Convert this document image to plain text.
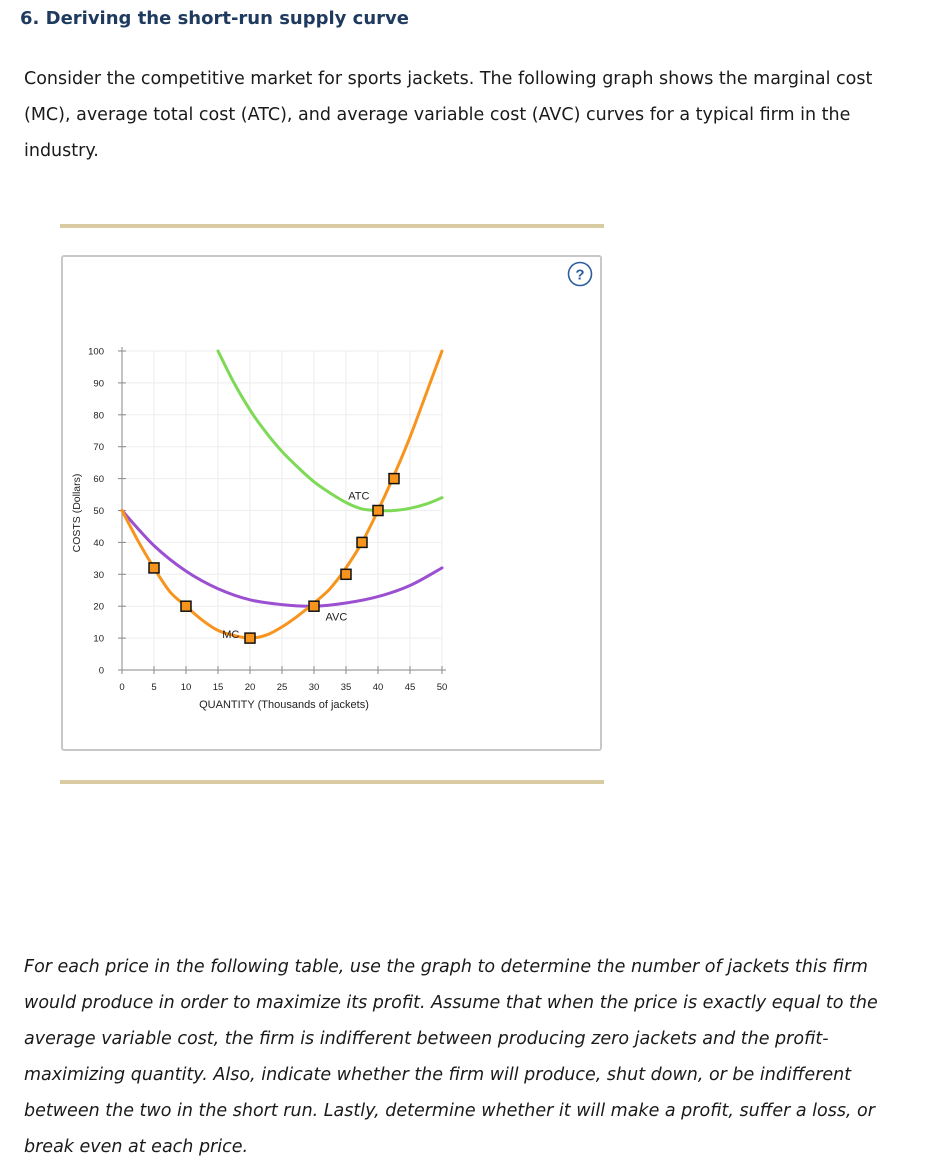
6. Deriving the short-run supply curve

Consider the competitive market for sports jackets. The following graph shows the marginal cost (MC), average total cost (ATC), and average variable cost (AVC) curves for a typical firm in the industry.

?
0	5	10 15 20 25 30 35 40 45 50
0
10
20
30
40
50
60
70
80
90
100
ATC
AVC
MC
QUANTITY (Thousands of jackets)
COSTS (Dollars)

For each price in the following table, use the graph to determine the number of jackets this firm would produce in order to maximize its profit. Assume that when the price is exactly equal to the average variable cost, the firm is indifferent between producing zero jackets and the profit-maximizing quantity. Also, indicate whether the firm will produce, shut down, or be indifferent between the two in the short run. Lastly, determine whether it will make a profit, suffer a loss, or break even at each price.
